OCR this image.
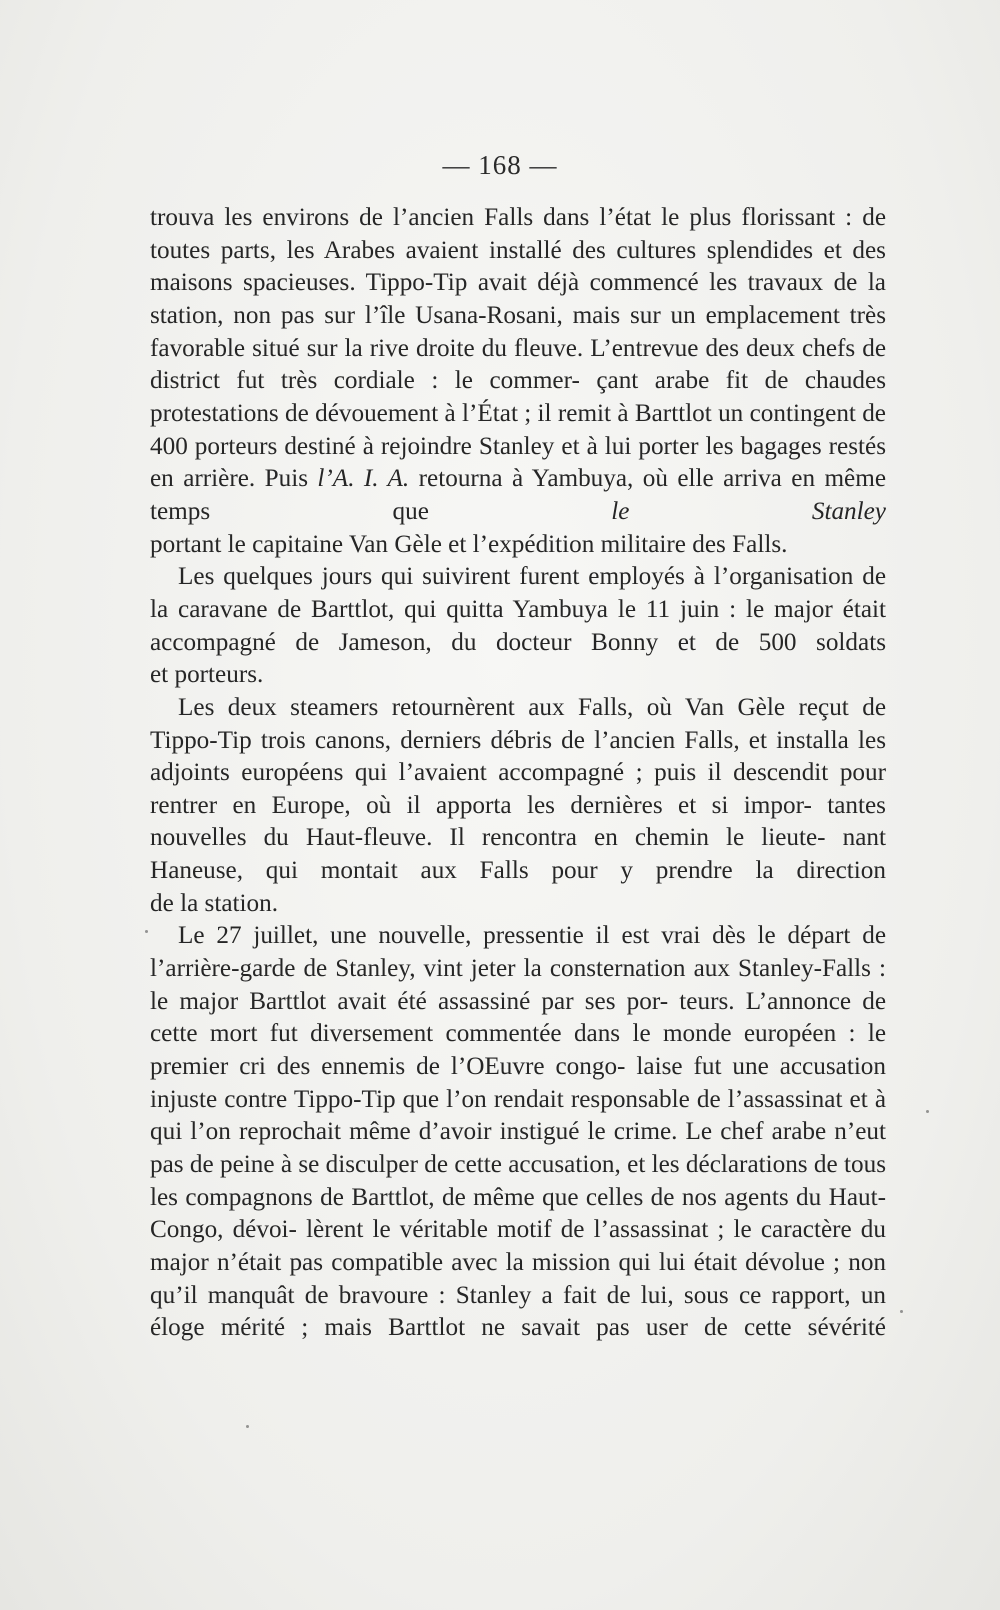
— 168 —

trouva les environs de l’ancien Falls dans l’état le plus florissant : de toutes parts, les Arabes avaient installé des cultures splendides et des maisons spacieuses. Tippo-Tip avait déjà commencé les travaux de la station, non pas sur l’île Usana-Rosani, mais sur un emplacement très favorable situé sur la rive droite du fleuve. L’entrevue des deux chefs de district fut très cordiale : le commer- çant arabe fit de chaudes protestations de dévouement à l’État ; il remit à Barttlot un contingent de 400 porteurs destiné à rejoindre Stanley et à lui porter les bagages restés en arrière. Puis l’A. I. A. retourna à Yambuya, où elle arriva en même temps que le Stanley

portant le capitaine Van Gèle et l’expédition militaire des Falls.

Les quelques jours qui suivirent furent employés à l’organisation de la caravane de Barttlot, qui quitta Yambuya le 11 juin : le major était accompagné de Jameson, du docteur Bonny et de 500 soldats

et porteurs.

Les deux steamers retournèrent aux Falls, où Van Gèle reçut de Tippo-Tip trois canons, derniers débris de l’ancien Falls, et installa les adjoints européens qui l’avaient accompagné ; puis il descendit pour rentrer en Europe, où il apporta les dernières et si impor- tantes nouvelles du Haut-fleuve. Il rencontra en chemin le lieute- nant Haneuse, qui montait aux Falls pour y prendre la direction

de la station.

Le 27 juillet, une nouvelle, pressentie il est vrai dès le départ de l’arrière-garde de Stanley, vint jeter la consternation aux Stanley-Falls : le major Barttlot avait été assassiné par ses por- teurs. L’annonce de cette mort fut diversement commentée dans le monde européen : le premier cri des ennemis de l’OEuvre congo- laise fut une accusation injuste contre Tippo-Tip que l’on rendait responsable de l’assassinat et à qui l’on reprochait même d’avoir instigué le crime. Le chef arabe n’eut pas de peine à se disculper de cette accusation, et les déclarations de tous les compagnons de Barttlot, de même que celles de nos agents du Haut-Congo, dévoi- lèrent le véritable motif de l’assassinat ; le caractère du major n’était pas compatible avec la mission qui lui était dévolue ; non qu’il manquât de bravoure : Stanley a fait de lui, sous ce rapport, un éloge mérité ; mais Barttlot ne savait pas user de cette sévérité
